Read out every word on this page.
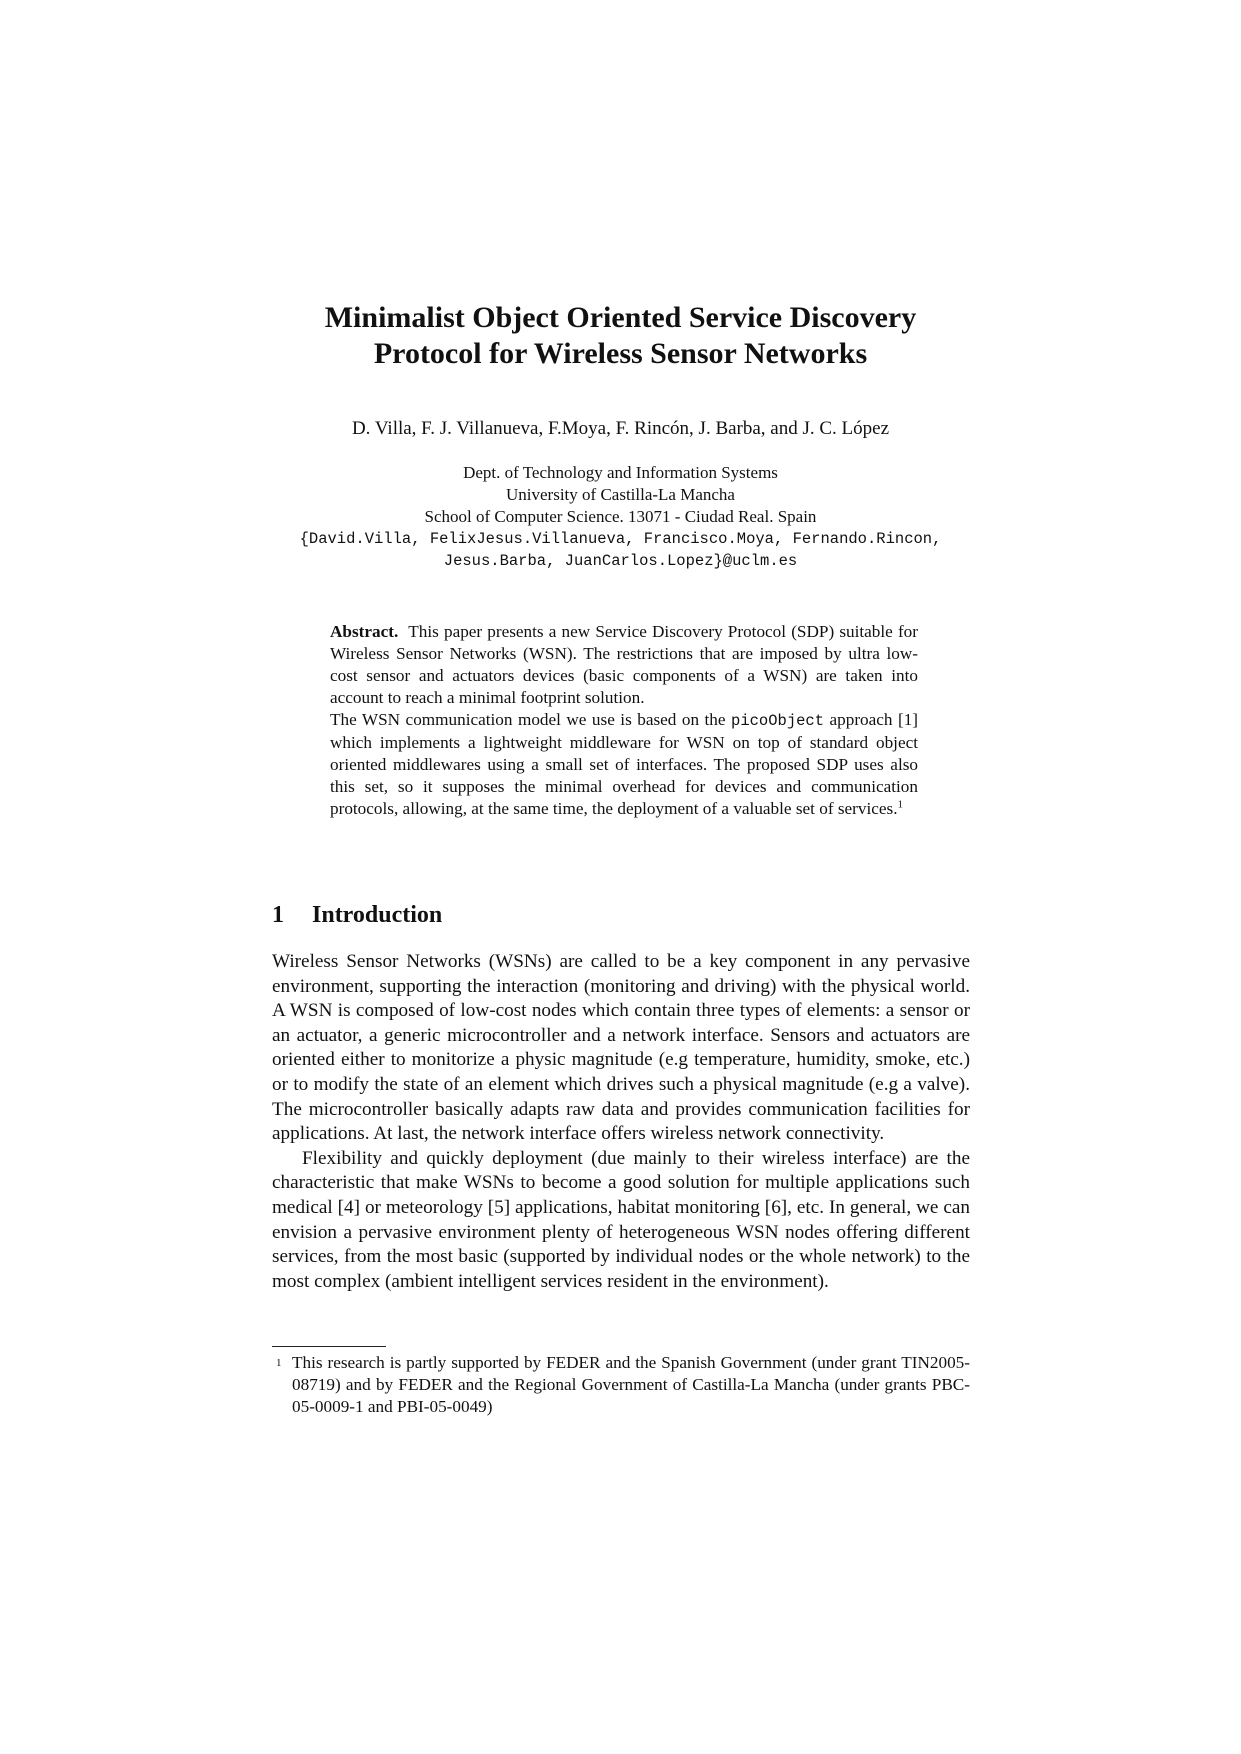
Minimalist Object Oriented Service Discovery
Protocol for Wireless Sensor Networks
D. Villa, F. J. Villanueva, F.Moya, F. Rincón, J. Barba, and J. C. López
Dept. of Technology and Information Systems
University of Castilla-La Mancha
School of Computer Science. 13071 - Ciudad Real. Spain
{David.Villa, FelixJesus.Villanueva, Francisco.Moya, Fernando.Rincon,
Jesus.Barba, JuanCarlos.Lopez}@uclm.es

Abstract. This paper presents a new Service Discovery Protocol (SDP) suitable for Wireless Sensor Networks (WSN). The restrictions that are imposed by ultra low-cost sensor and actuators devices (basic components of a WSN) are taken into account to reach a minimal footprint solution.

The WSN communication model we use is based on the picoObject approach [1] which implements a lightweight middleware for WSN on top of standard object oriented middlewares using a small set of interfaces. The proposed SDP uses also this set, so it supposes the minimal overhead for devices and communication protocols, allowing, at the same time, the deployment of a valuable set of services.$^1$

1 Introduction

Wireless Sensor Networks (WSNs) are called to be a key component in any pervasive environment, supporting the interaction (monitoring and driving) with the physical world. A WSN is composed of low-cost nodes which contain three types of elements: a sensor or an actuator, a generic microcontroller and a network interface. Sensors and actuators are oriented either to monitorize a physic magnitude (e.g temperature, humidity, smoke, etc.) or to modify the state of an element which drives such a physical magnitude (e.g a valve). The microcontroller basically adapts raw data and provides communication facilities for applications. At last, the network interface offers wireless network connectivity.

Flexibility and quickly deployment (due mainly to their wireless interface) are the characteristic that make WSNs to become a good solution for multiple applications such medical [4] or meteorology [5] applications, habitat monitoring [6], etc. In general, we can envision a pervasive environment plenty of heterogeneous WSN nodes offering different services, from the most basic (supported by individual nodes or the whole network) to the most complex (ambient intelligent services resident in the environment).

1 This research is partly supported by FEDER and the Spanish Government (under grant TIN2005-08719) and by FEDER and the Regional Government of Castilla-La Mancha (under grants PBC-05-0009-1 and PBI-05-0049)
